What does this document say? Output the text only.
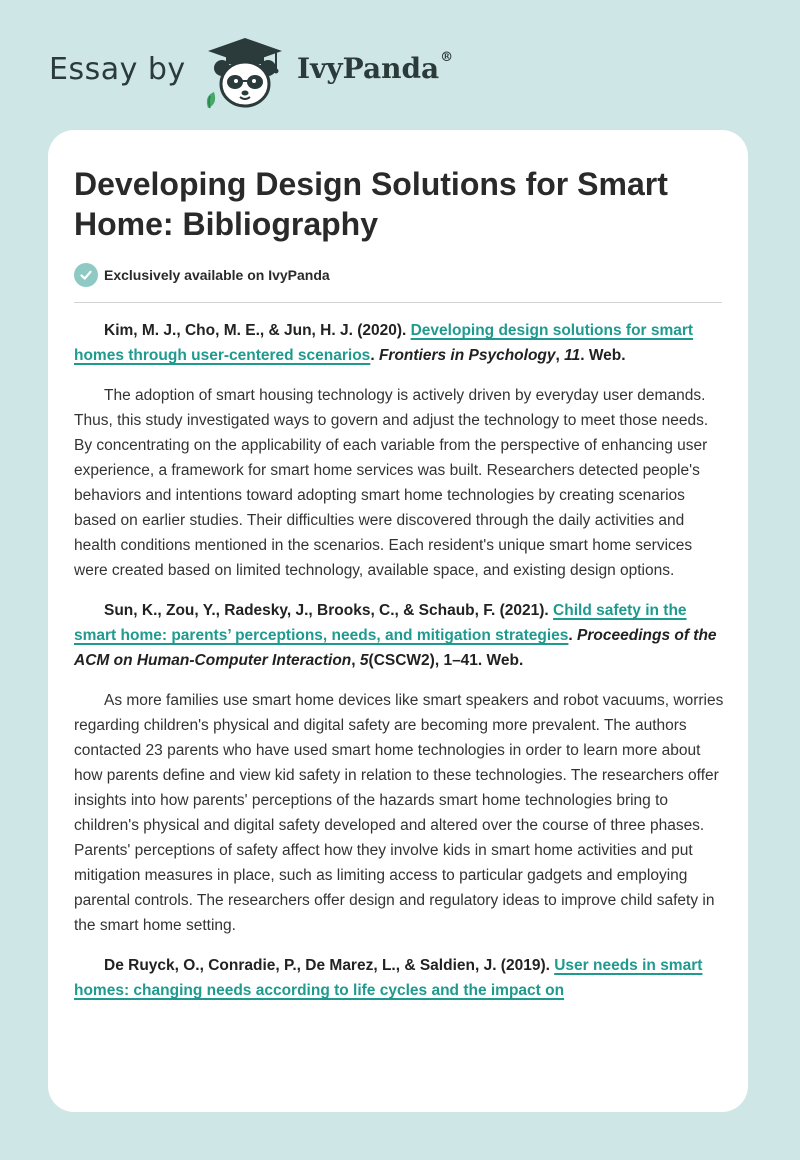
Essay by	IvyPanda®
Developing Design Solutions for Smart Home: Bibliography
Exclusively available on IvyPanda

Kim, M. J., Cho, M. E., & Jun, H. J. (2020). Developing design solutions for smart homes through user-centered scenarios. Frontiers in Psychology, 11. Web.

The adoption of smart housing technology is actively driven by everyday user demands. Thus, this study investigated ways to govern and adjust the technology to meet those needs. By concentrating on the applicability of each variable from the perspective of enhancing user experience, a framework for smart home services was built. Researchers detected people's behaviors and intentions toward adopting smart home technologies by creating scenarios based on earlier studies. Their difficulties were discovered through the daily activities and health conditions mentioned in the scenarios. Each resident's unique smart home services were created based on limited technology, available space, and existing design options.

Sun, K., Zou, Y., Radesky, J., Brooks, C., & Schaub, F. (2021). Child safety in the smart home: parents’ perceptions, needs, and mitigation strategies. Proceedings of the ACM on Human-Computer Interaction, 5(CSCW2), 1–41. Web.

As more families use smart home devices like smart speakers and robot vacuums, worries regarding children's physical and digital safety are becoming more prevalent. The authors contacted 23 parents who have used smart home technologies in order to learn more about how parents define and view kid safety in relation to these technologies. The researchers offer insights into how parents' perceptions of the hazards smart home technologies bring to children's physical and digital safety developed and altered over the course of three phases. Parents' perceptions of safety affect how they involve kids in smart home activities and put mitigation measures in place, such as limiting access to particular gadgets and employing parental controls. The researchers offer design and regulatory ideas to improve child safety in the smart home setting.

De Ruyck, O., Conradie, P., De Marez, L., & Saldien, J. (2019). User needs in smart homes: changing needs according to life cycles and the impact on
